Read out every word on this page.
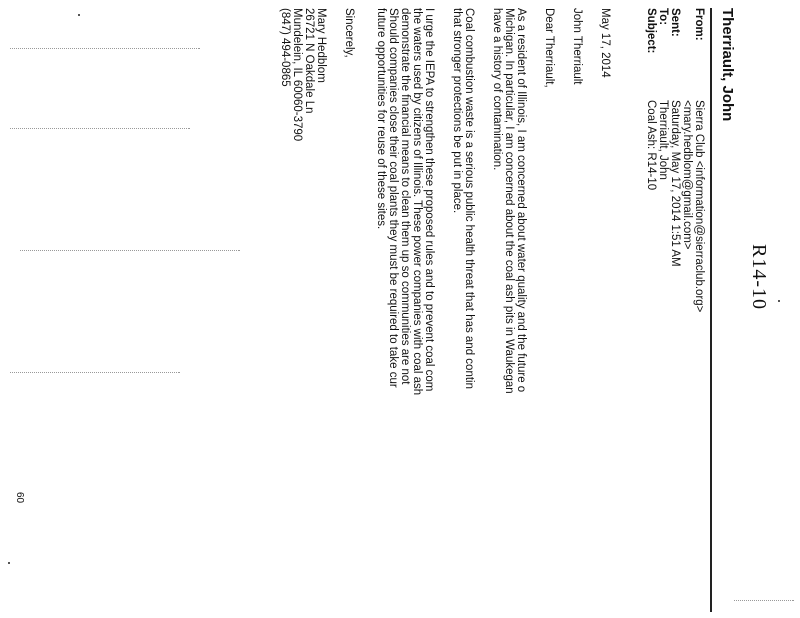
R14-10
Therriault, John
From:
Sierra Club <information@sierraclub.org>
<mary.hedblom@gmail.com>
Sent:
Saturday, May 17, 2014 1:51 AM
To:
Therriault, John
Subject:
Coal Ash: R14-10
May 17, 2014
John Therriault
Dear Therriault,
As a resident of Illinois, I am concerned about water quality and the future o
Michigan. In particular, I am concerned about the coal ash pits in Waukegan
have a history of contamination.
Coal combustion waste is a serious public health threat that has and contin
that stronger protections be put in place.
I urge the IEPA to strengthen these proposed rules and to prevent coal com
the waters used by citizens of Illinois. These power companies with coal ash
demonstrate the financial means to clean them up so communities are not
Should companies close their coal plants they must be required to take cur
future opportunities for reuse of these sites.
Sincerely,
Mary Hedblom
26721 N Oakdale Ln
Mundelein, IL 60060-3790
(847) 494-0865
60
